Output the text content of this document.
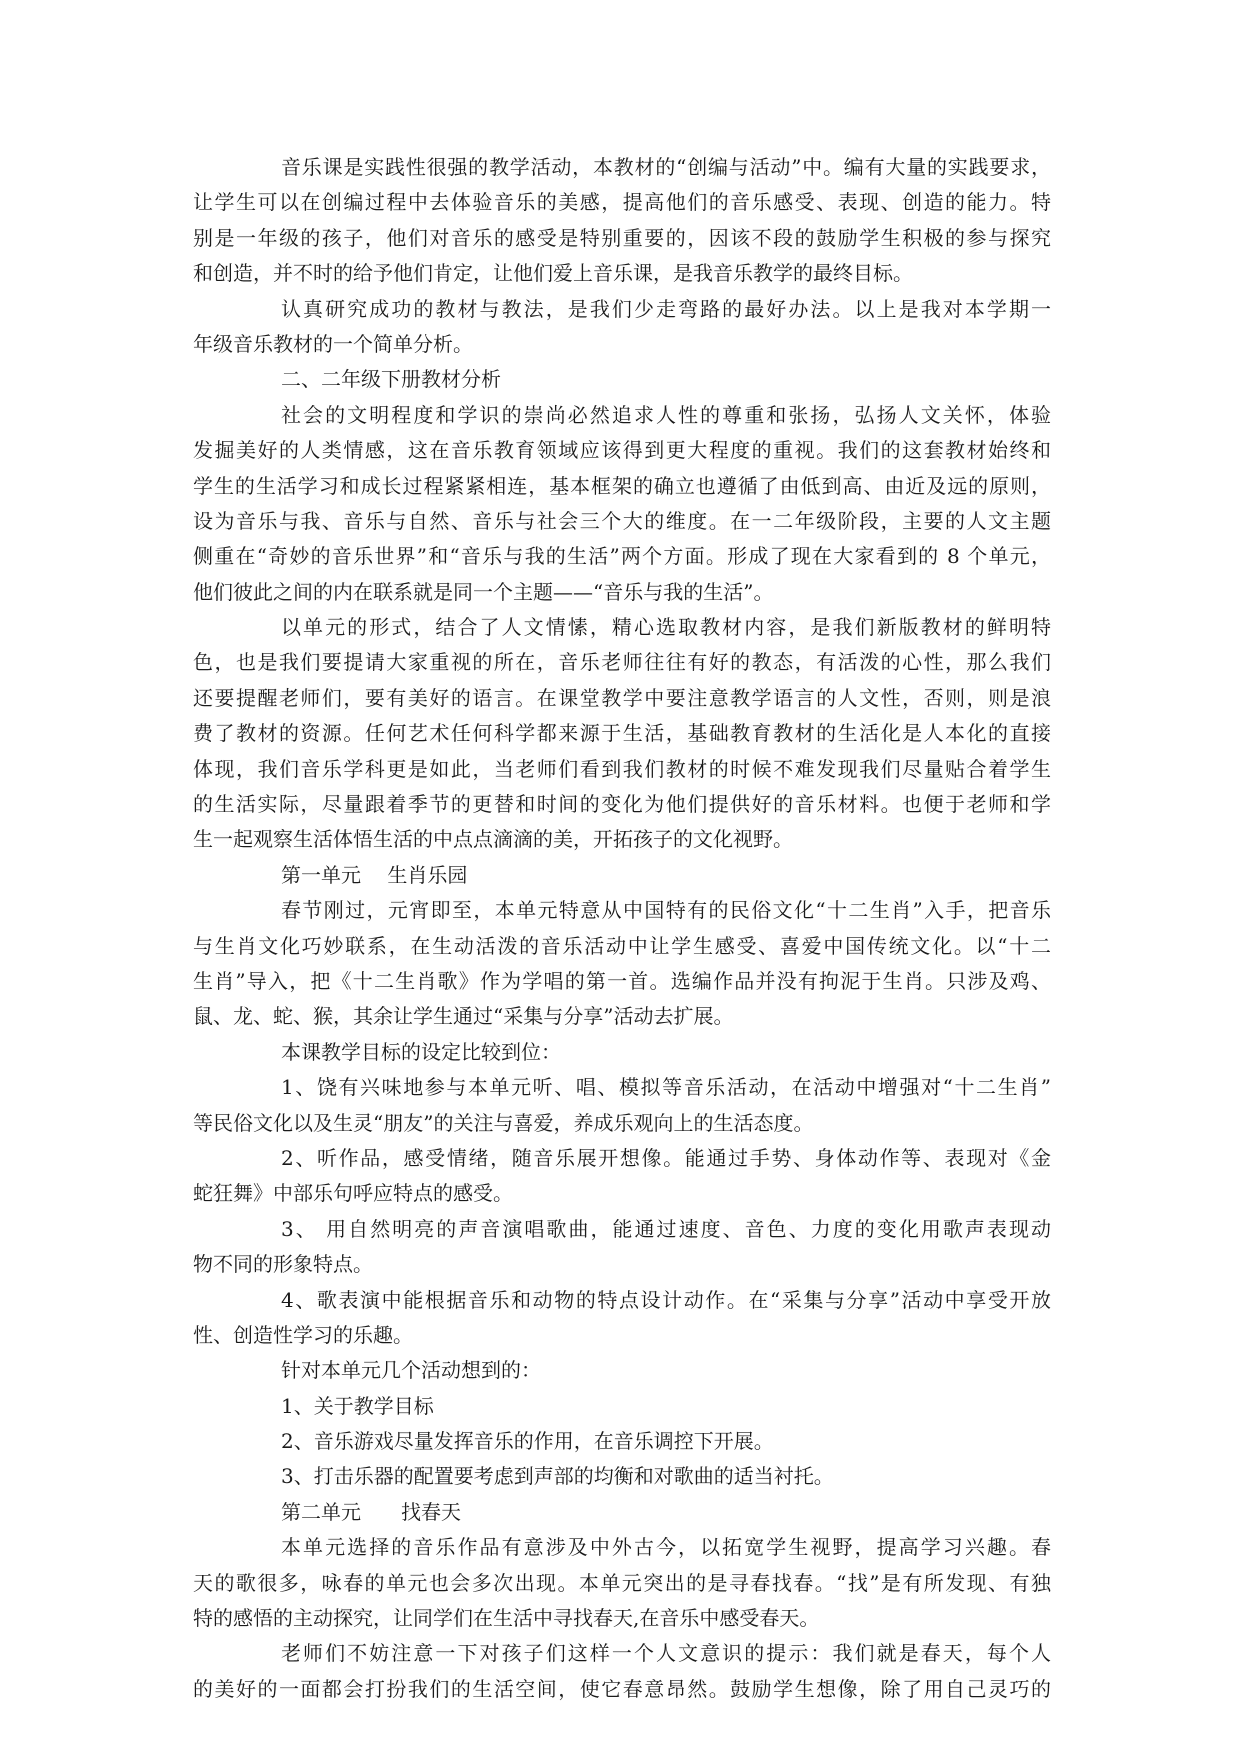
音乐课是实践性很强的教学活动，本教材的“创编与活动”中。编有大量的实践要求，
让学生可以在创编过程中去体验音乐的美感，提高他们的音乐感受、表现、创造的能力。特
别是一年级的孩子，他们对音乐的感受是特别重要的，因该不段的鼓励学生积极的参与探究
和创造，并不时的给予他们肯定，让他们爱上音乐课，是我音乐教学的最终目标。
认真研究成功的教材与教法，是我们少走弯路的最好办法。以上是我对本学期一
年级音乐教材的一个简单分析。
二、二年级下册教材分析
社会的文明程度和学识的崇尚必然追求人性的尊重和张扬，弘扬人文关怀，体验
发掘美好的人类情感，这在音乐教育领域应该得到更大程度的重视。我们的这套教材始终和
学生的生活学习和成长过程紧紧相连，基本框架的确立也遵循了由低到高、由近及远的原则，
设为音乐与我、音乐与自然、音乐与社会三个大的维度。在一二年级阶段，主要的人文主题
侧重在“奇妙的音乐世界”和“音乐与我的生活”两个方面。形成了现在大家看到的 8 个单元，
他们彼此之间的内在联系就是同一个主题——“音乐与我的生活”。
以单元的形式，结合了人文情愫，精心选取教材内容，是我们新版教材的鲜明特
色，也是我们要提请大家重视的所在，音乐老师往往有好的教态，有活泼的心性，那么我们
还要提醒老师们，要有美好的语言。在课堂教学中要注意教学语言的人文性，否则，则是浪
费了教材的资源。任何艺术任何科学都来源于生活，基础教育教材的生活化是人本化的直接
体现，我们音乐学科更是如此，当老师们看到我们教材的时候不难发现我们尽量贴合着学生
的生活实际，尽量跟着季节的更替和时间的变化为他们提供好的音乐材料。也便于老师和学
生一起观察生活体悟生活的中点点滴滴的美，开拓孩子的文化视野。
第一单元　 生肖乐园
春节刚过，元宵即至，本单元特意从中国特有的民俗文化“十二生肖”入手，把音乐
与生肖文化巧妙联系，在生动活泼的音乐活动中让学生感受、喜爱中国传统文化。以“十二
生肖”导入，把《十二生肖歌》作为学唱的第一首。选编作品并没有拘泥于生肖。只涉及鸡、
鼠、龙、蛇、猴，其余让学生通过“采集与分享”活动去扩展。
本课教学目标的设定比较到位：
1、饶有兴味地参与本单元听、唱、模拟等音乐活动，在活动中增强对“十二生肖”
等民俗文化以及生灵“朋友”的关注与喜爱，养成乐观向上的生活态度。
2、听作品，感受情绪，随音乐展开想像。能通过手势、身体动作等、表现对《金
蛇狂舞》中部乐句呼应特点的感受。
3、 用自然明亮的声音演唱歌曲，能通过速度、音色、力度的变化用歌声表现动
物不同的形象特点。
4、歌表演中能根据音乐和动物的特点设计动作。在“采集与分享”活动中享受开放
性、创造性学习的乐趣。
针对本单元几个活动想到的：
1、关于教学目标
2、音乐游戏尽量发挥音乐的作用，在音乐调控下开展。
3、打击乐器的配置要考虑到声部的均衡和对歌曲的适当衬托。
第二单元　　找春天
本单元选择的音乐作品有意涉及中外古今，以拓宽学生视野，提高学习兴趣。春
天的歌很多，咏春的单元也会多次出现。本单元突出的是寻春找春。“找”是有所发现、有独
特的感悟的主动探究，让同学们在生活中寻找春天,在音乐中感受春天。
老师们不妨注意一下对孩子们这样一个人文意识的提示：我们就是春天，每个人
的美好的一面都会打扮我们的生活空间，使它春意昂然。鼓励学生想像，除了用自己灵巧的
